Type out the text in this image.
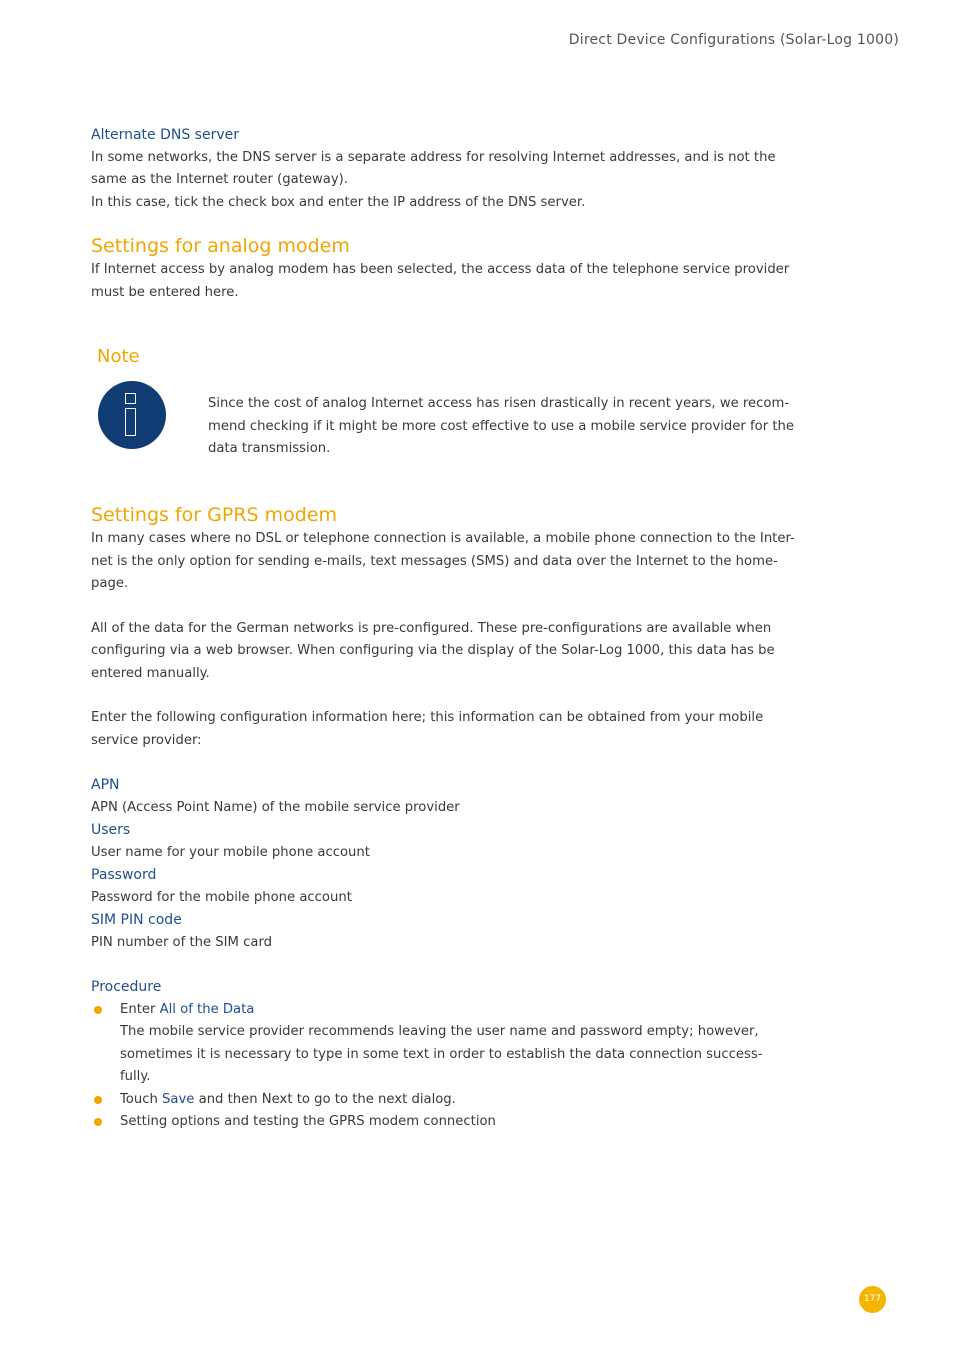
Direct Device Configurations (Solar-Log 1000)

Alternate DNS server

In some networks, the DNS server is a separate address for resolving Internet addresses, and is not the

same as the Internet router (gateway).

In this case, tick the check box and enter the IP address of the DNS server.

Settings for analog modem

If Internet access by analog modem has been selected, the access data of the telephone service provider

must be entered here.

Note

Since the cost of analog Internet access has risen drastically in recent years, we recom-

mend checking if it might be more cost effective to use a mobile service provider for the

data transmission.

Settings for GPRS modem

In many cases where no DSL or telephone connection is available, a mobile phone connection to the Inter-

net is the only option for sending e-mails, text messages (SMS) and data over the Internet to the home-

page.

All of the data for the German networks is pre-configured. These pre-configurations are available when

configuring via a web browser. When configuring via the display of the Solar-Log 1000, this data has be

entered manually.

Enter the following configuration information here; this information can be obtained from your mobile

service provider:

APN

APN (Access Point Name) of the mobile service provider

Users

User name for your mobile phone account

Password

Password for the mobile phone account

SIM PIN code

PIN number of the SIM card

Procedure

Enter All of the Data
The mobile service provider recommends leaving the user name and password empty; however,
sometimes it is necessary to type in some text in order to establish the data connection success-
fully.
Touch Save and then Next to go to the next dialog.
Setting options and testing the GPRS modem connection
177
